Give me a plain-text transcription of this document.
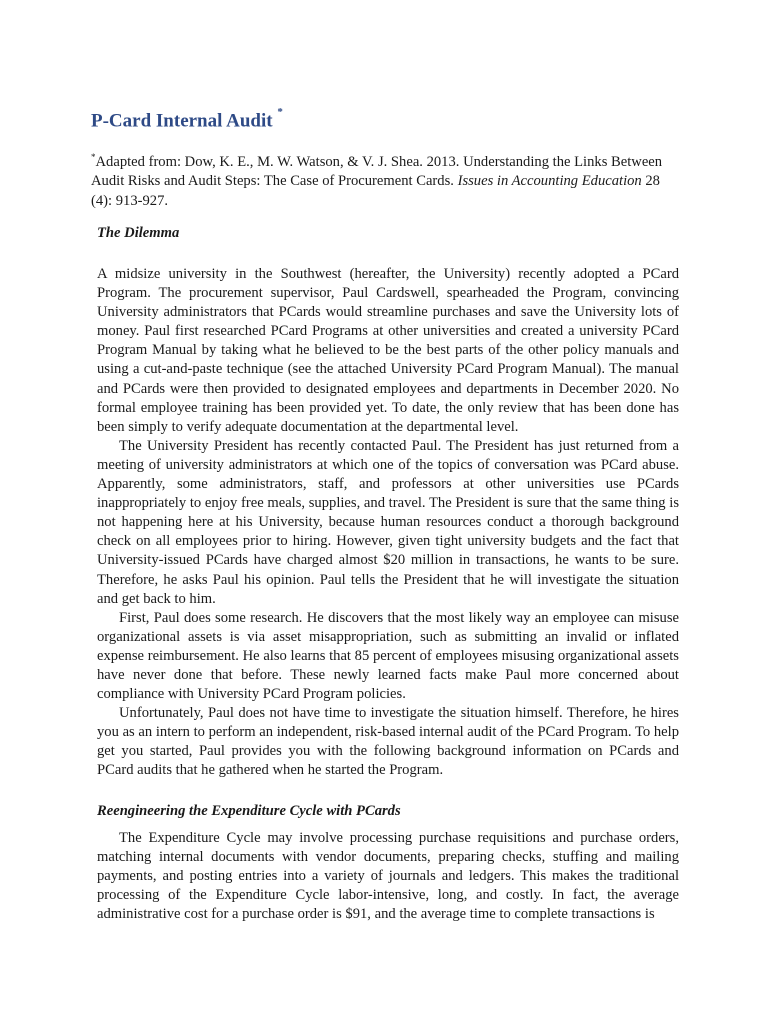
P-Card Internal Audit *

*Adapted from: Dow, K. E., M. W. Watson, & V. J. Shea. 2013. Understanding the Links Between Audit Risks and Audit Steps: The Case of Procurement Cards. Issues in Accounting Education 28 (4): 913-927.

The Dilemma

A midsize university in the Southwest (hereafter, the University) recently adopted a PCard Program. The procurement supervisor, Paul Cardswell, spearheaded the Program, convincing University administrators that PCards would streamline purchases and save the University lots of money. Paul first researched PCard Programs at other universities and created a university PCard Program Manual by taking what he believed to be the best parts of the other policy manuals and using a cut-and-paste technique (see the attached University PCard Program Manual). The manual and PCards were then provided to designated employees and departments in December 2020. No formal employee training has been provided yet. To date, the only review that has been done has been simply to verify adequate documentation at the departmental level.

The University President has recently contacted Paul. The President has just returned from a meeting of university administrators at which one of the topics of conversation was PCard abuse. Apparently, some administrators, staff, and professors at other universities use PCards inappropriately to enjoy free meals, supplies, and travel. The President is sure that the same thing is not happening here at his University, because human resources conduct a thorough background check on all employees prior to hiring. However, given tight university budgets and the fact that University-issued PCards have charged almost $20 million in transactions, he wants to be sure. Therefore, he asks Paul his opinion. Paul tells the President that he will investigate the situation and get back to him.

First, Paul does some research. He discovers that the most likely way an employee can misuse organizational assets is via asset misappropriation, such as submitting an invalid or inflated expense reimbursement. He also learns that 85 percent of employees misusing organizational assets have never done that before. These newly learned facts make Paul more concerned about compliance with University PCard Program policies.

Unfortunately, Paul does not have time to investigate the situation himself. Therefore, he hires you as an intern to perform an independent, risk-based internal audit of the PCard Program. To help get you started, Paul provides you with the following background information on PCards and PCard audits that he gathered when he started the Program.

Reengineering the Expenditure Cycle with PCards

The Expenditure Cycle may involve processing purchase requisitions and purchase orders, matching internal documents with vendor documents, preparing checks, stuffing and mailing payments, and posting entries into a variety of journals and ledgers. This makes the traditional processing of the Expenditure Cycle labor-intensive, long, and costly. In fact, the average administrative cost for a purchase order is $91, and the average time to complete transactions is
